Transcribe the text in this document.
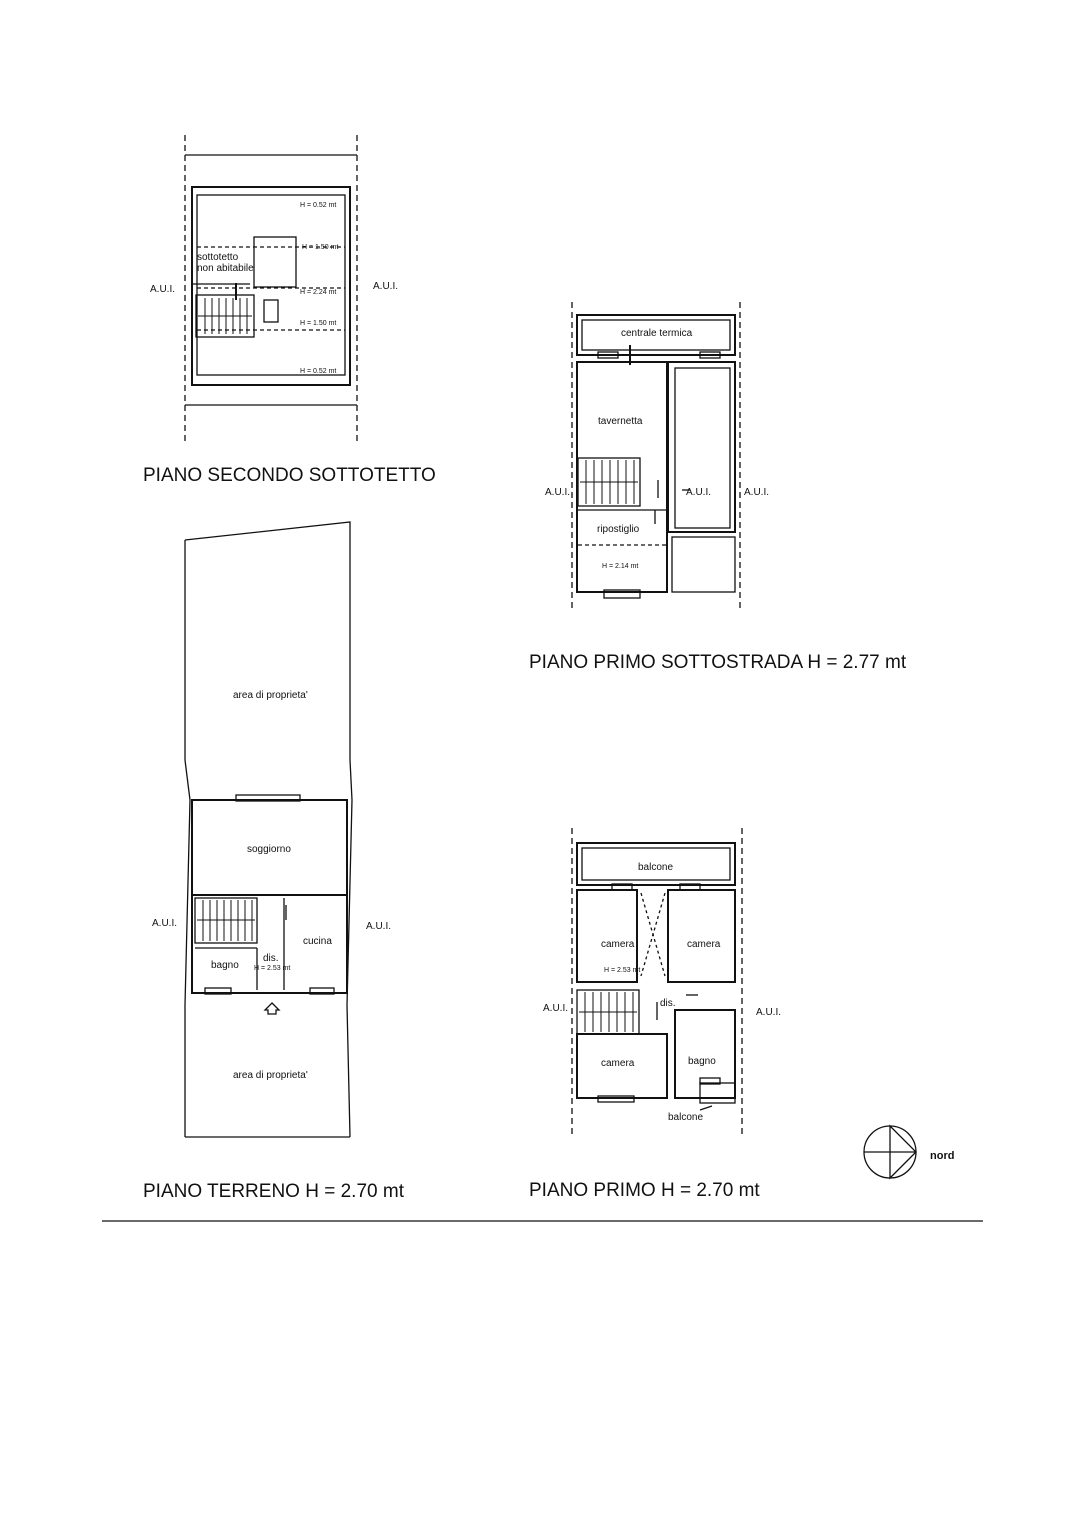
H = 0.52 mt
H = 1.50 mt
H = 2.24 mt
H = 1.50 mt
H = 0.52 mt
sottotetto
non abitabile
A.U.I.	A.U.I.
PIANO SECONDO SOTTOTETTO
centrale termica
tavernetta
ripostiglio
H = 2.14 mt
A.U.I.	A.U.I.	A.U.I.
PIANO PRIMO SOTTOSTRADA H = 2.77 mt
area di proprieta'
soggiorno
cucina
bagno
dis.
H = 2.53 mt
area di proprieta'
A.U.I.	A.U.I.
PIANO TERRENO H = 2.70 mt
balcone
camera	camera
H = 2.53 mt
dis.
camera	bagno
balcone
A.U.I.	A.U.I.
PIANO PRIMO H = 2.70 mt
nord
